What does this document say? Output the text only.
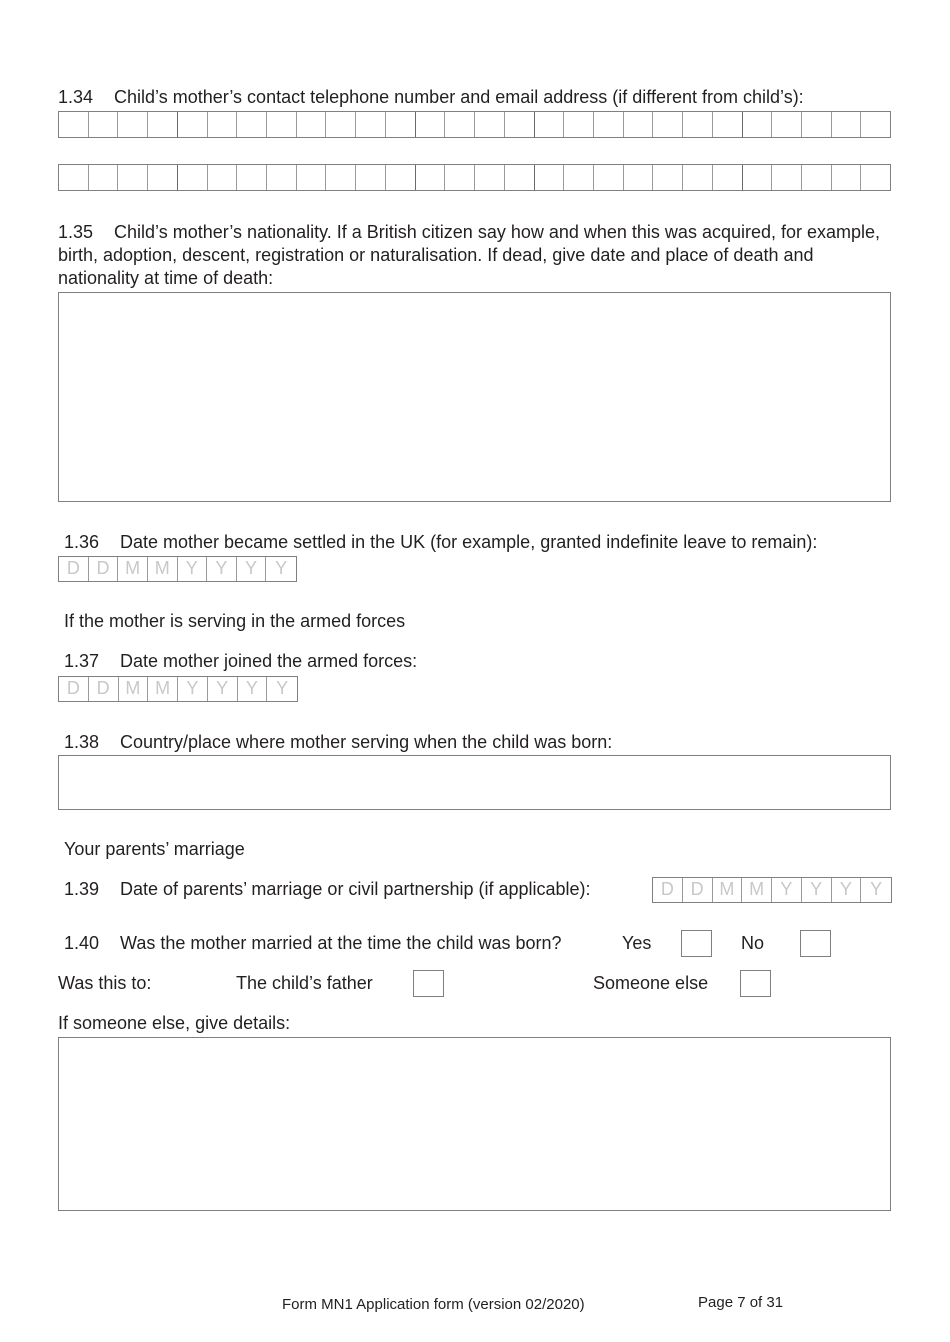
1.34 Child’s mother’s contact telephone number and email address (if different from child’s):
1.35 Child’s mother’s nationality. If a British citizen say how and when this was acquired, for example, birth, adoption, descent, registration or naturalisation. If dead, give date and place of death and nationality at time of death:
1.36 Date mother became settled in the UK (for example, granted indefinite leave to remain):
D D M M Y Y Y	Y
If the mother is serving in the armed forces
1.37 Date mother joined the armed forces:
D D M M Y Y Y	Y
1.38 Country/place where mother serving when the child was born:
Your parents’ marriage
1.39 Date of parents’ marriage or civil partnership (if applicable):	D D M M Y Y Y	Y
1.40 Was the mother married at the time the child was born?	Yes	No
Was this to:	The child’s father	Someone else
If someone else, give details:
Form MN1 Application form (version 02/2020)	Page 7 of 31
